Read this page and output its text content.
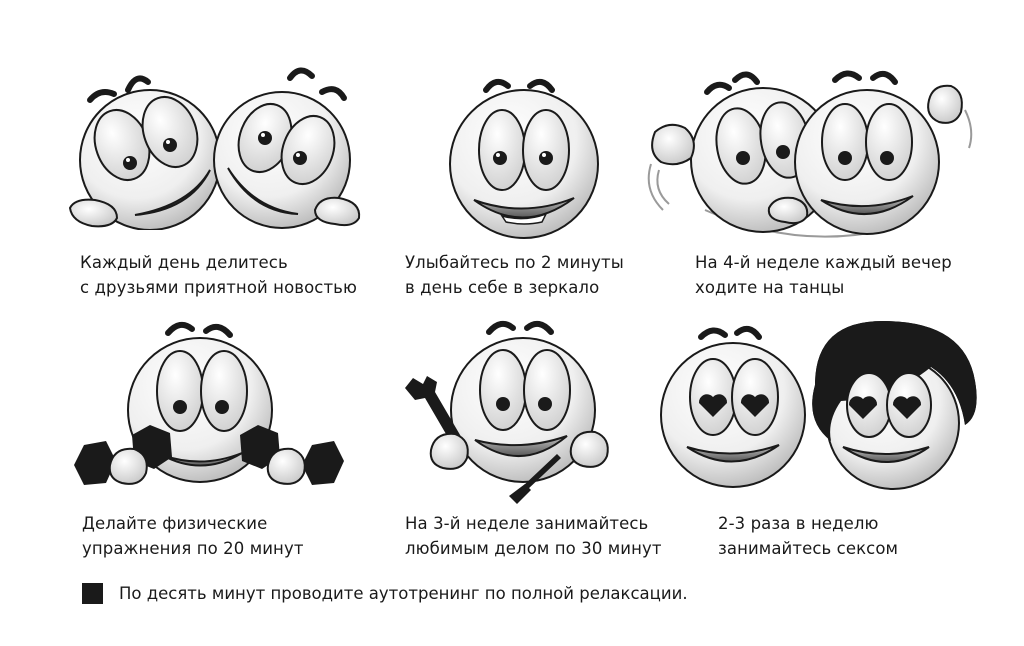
Каждый день делитесь
с друзьями приятной новостью
Улыбайтесь по 2 минуты
в день себе в зеркало
На 4-й неделе каждый вечер
ходите на танцы
Делайте физические
упражнения по 20 минут
На 3-й неделе занимайтесь
любимым делом по 30 минут
2-3 раза в неделю
занимайтесь сексом
По десять минут проводите аутотренинг по полной релаксации.
